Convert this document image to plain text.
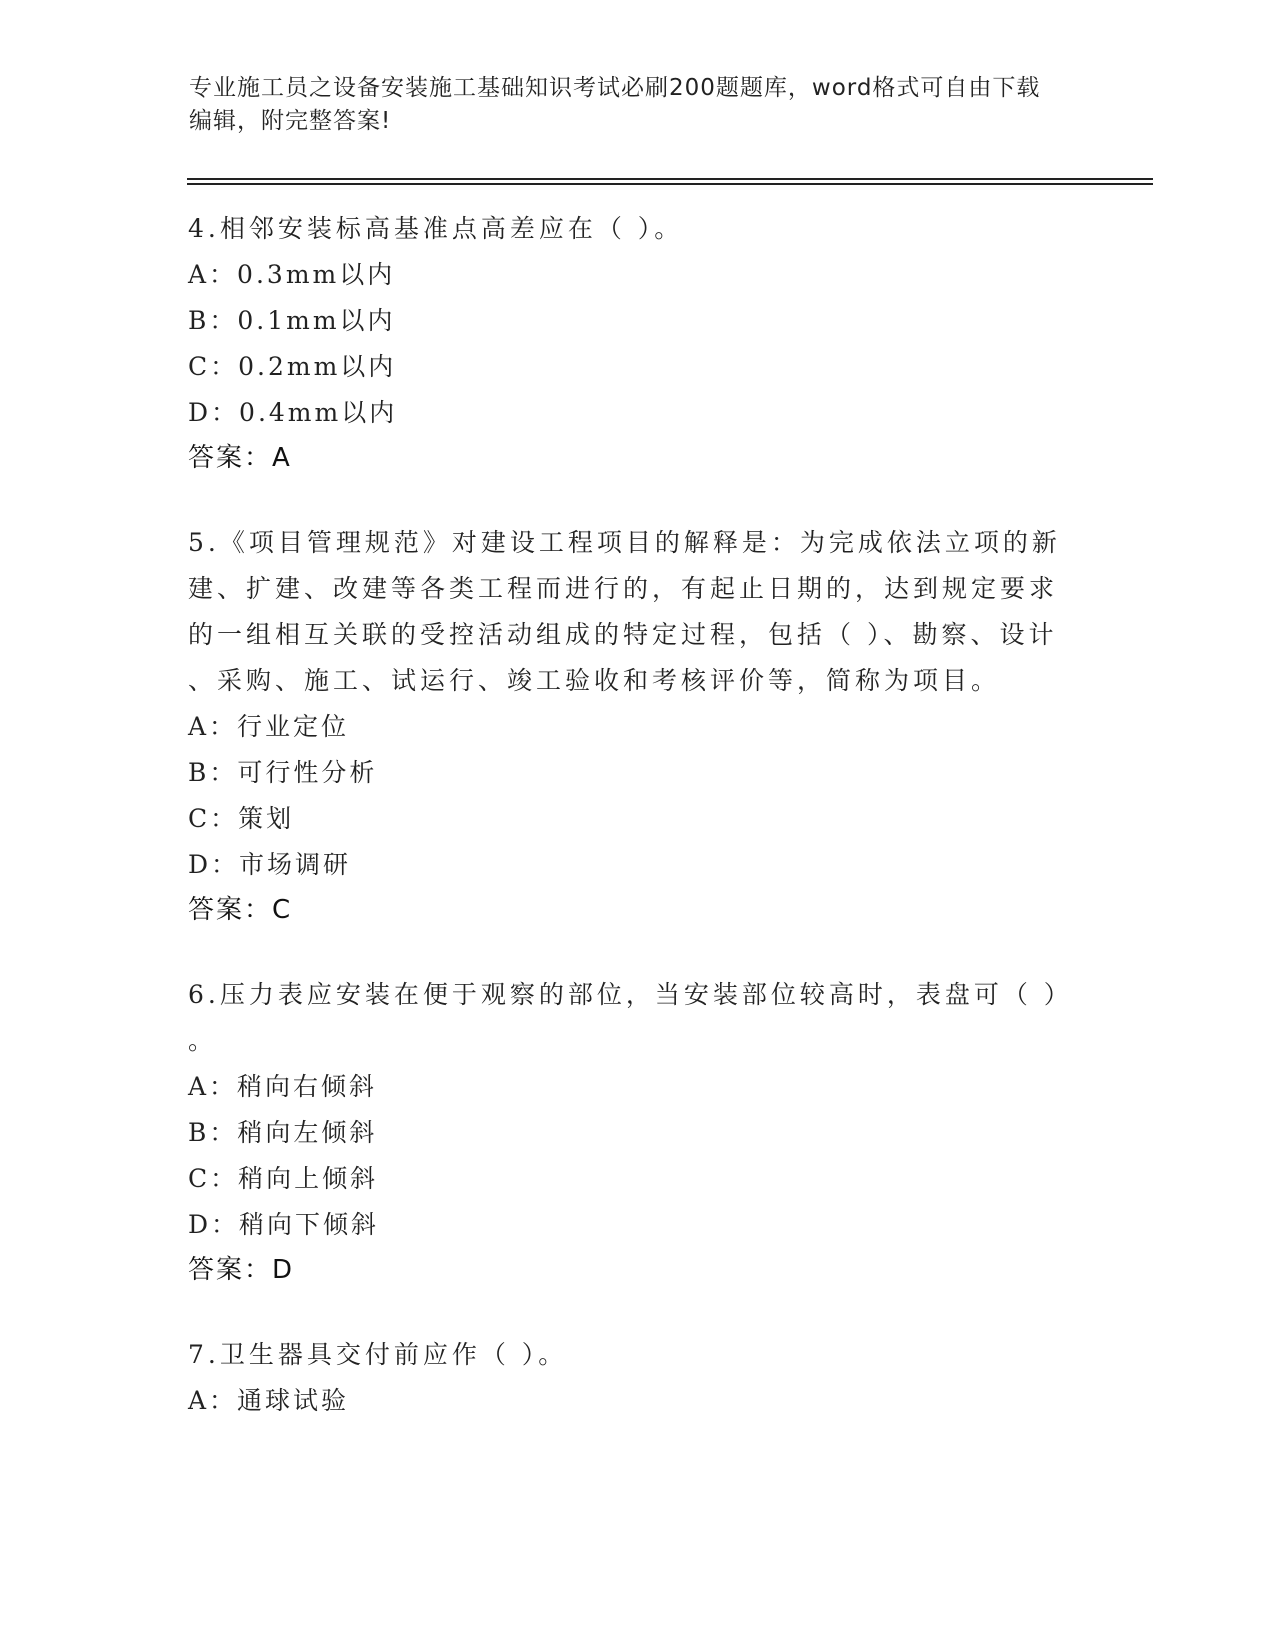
专业施工员之设备安装施工基础知识考试必刷200题题库，word格式可自由下载
编辑，附完整答案!

4.相邻安装标高基准点高差应在（ ）。

A：0.3mm以内

B：0.1mm以内

C：0.2mm以内

D：0.4mm以内

答案：A

5.《项目管理规范》对建设工程项目的解释是：为完成依法立项的新
建、扩建、改建等各类工程而进行的，有起止日期的，达到规定要求
的一组相互关联的受控活动组成的特定过程，包括（ ）、勘察、设计
、采购、施工、试运行、竣工验收和考核评价等，简称为项目。

A：行业定位

B：可行性分析

C：策划

D：市场调研

答案：C

6.压力表应安装在便于观察的部位，当安装部位较高时，表盘可（ ）
。

A：稍向右倾斜

B：稍向左倾斜

C：稍向上倾斜

D：稍向下倾斜

答案：D

7.卫生器具交付前应作（ ）。

A：通球试验
